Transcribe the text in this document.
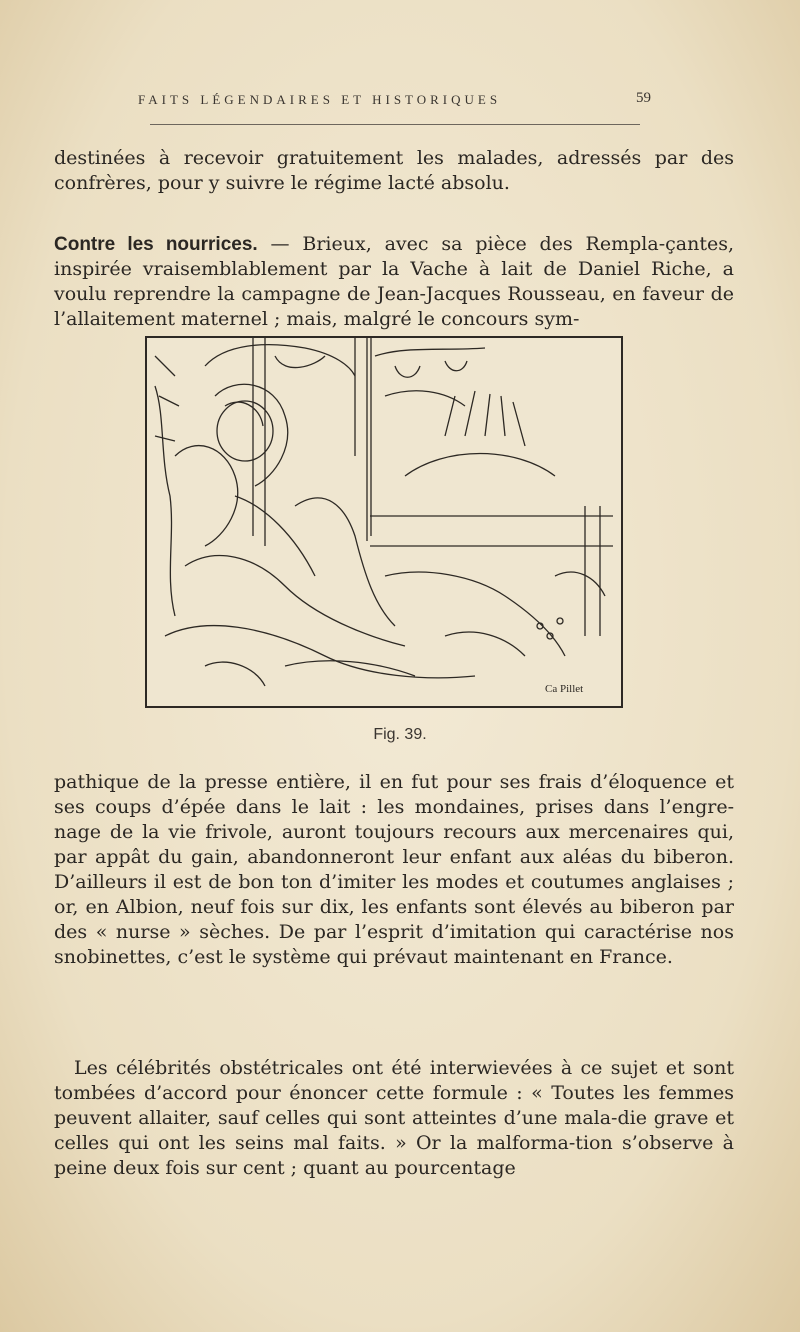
FAITS LÉGENDAIRES ET HISTORIQUES	59

destinées à recevoir gratuitement les malades, adressés par des confrères, pour y suivre le régime lacté absolu.

Contre les nourrices. — Brieux, avec sa pièce des Rempla-çantes, inspirée vraisemblablement par la Vache à lait de Daniel Riche, a voulu reprendre la campagne de Jean-Jacques Rousseau, en faveur de l’allaitement maternel ; mais, malgré le concours sym-

Ca Pillet
Fig. 39.

pathique de la presse entière, il en fut pour ses frais d’éloquence et ses coups d’épée dans le lait : les mondaines, prises dans l’engre-nage de la vie frivole, auront toujours recours aux mercenaires qui, par appât du gain, abandonneront leur enfant aux aléas du biberon. D’ailleurs il est de bon ton d’imiter les modes et coutumes anglaises ; or, en Albion, neuf fois sur dix, les enfants sont élevés au biberon par des « nurse » sèches. De par l’esprit d’imitation qui caractérise nos snobinettes, c’est le système qui prévaut maintenant en France.

Les célébrités obstétricales ont été interwievées à ce sujet et sont tombées d’accord pour énoncer cette formule : « Toutes les femmes peuvent allaiter, sauf celles qui sont atteintes d’une mala-die grave et celles qui ont les seins mal faits. » Or la malforma-tion s’observe à peine deux fois sur cent ; quant au pourcentage
